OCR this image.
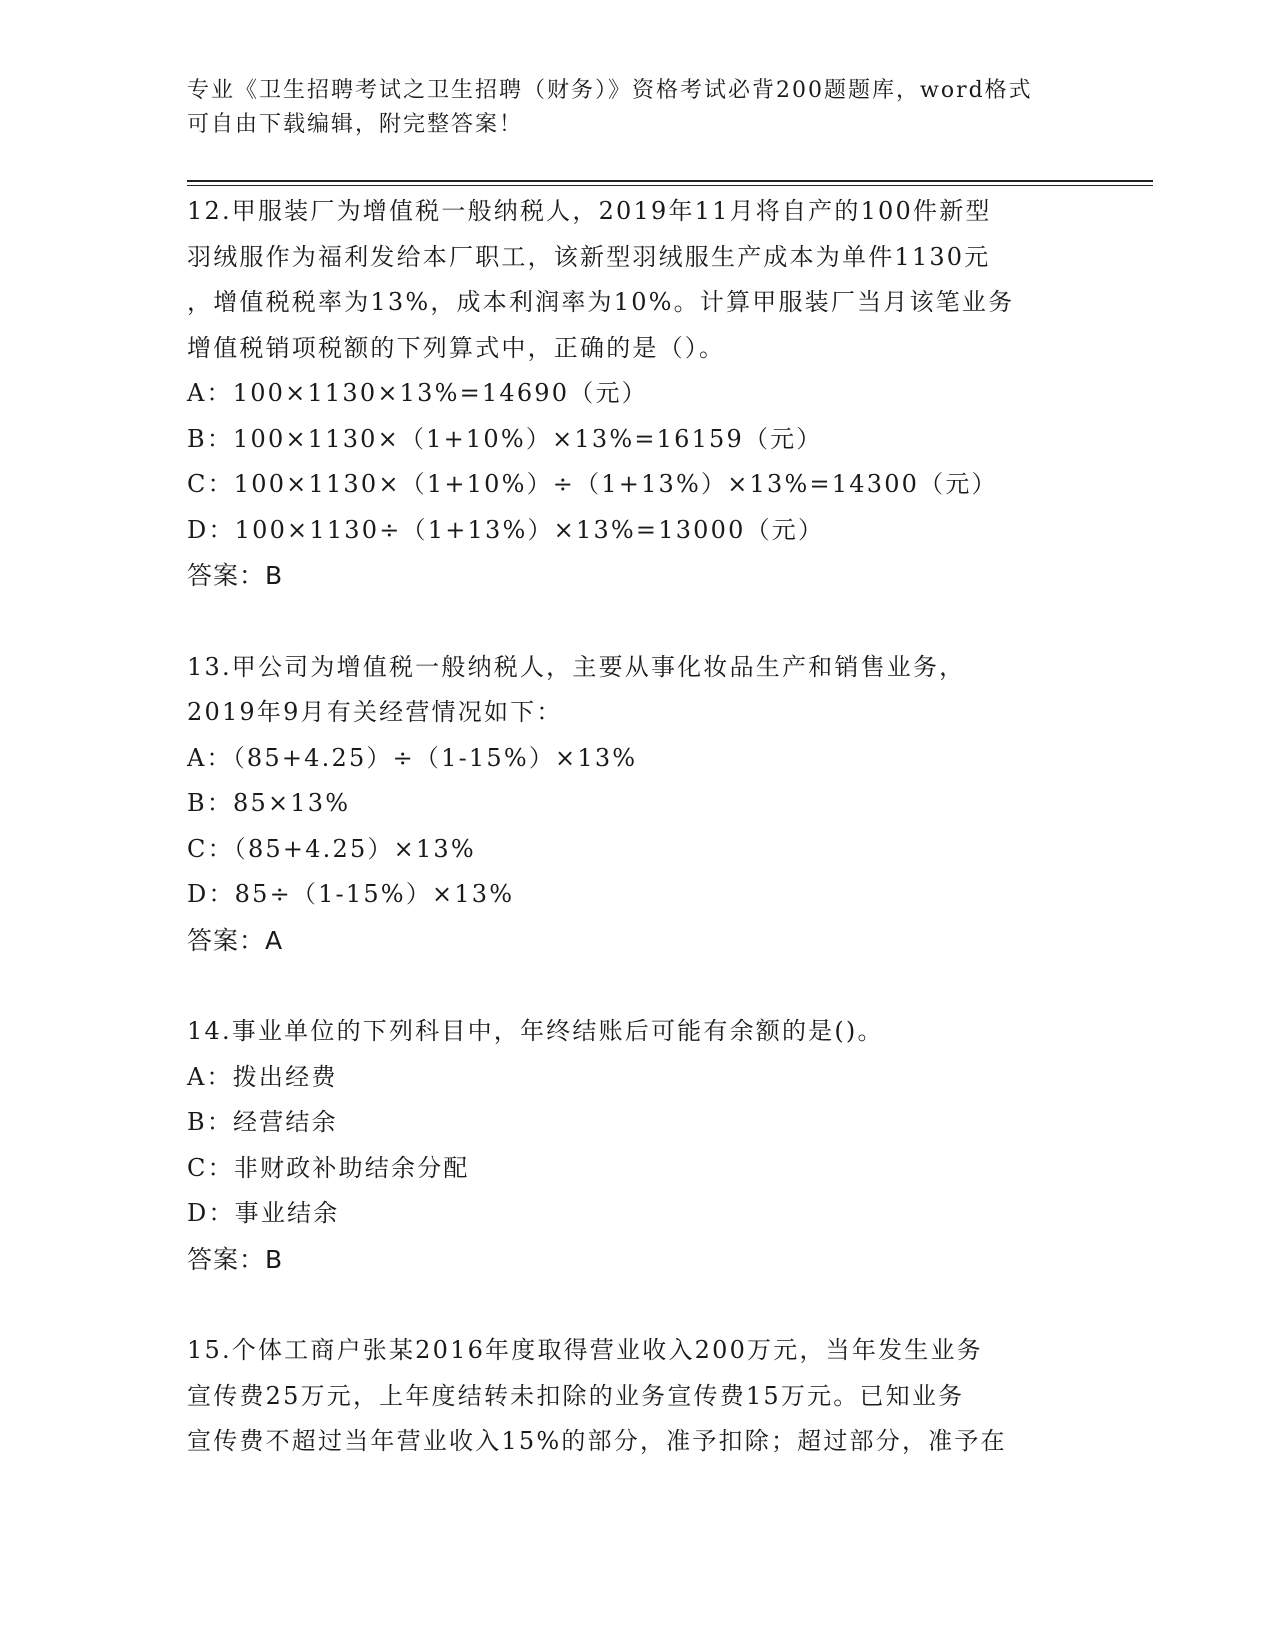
专业《卫生招聘考试之卫生招聘（财务）》资格考试必背200题题库，word格式
可自由下载编辑，附完整答案！
12.甲服装厂为增值税一般纳税人，2019年11月将自产的100件新型
羽绒服作为福利发给本厂职工，该新型羽绒服生产成本为单件1130元
，增值税税率为13%，成本利润率为10%。计算甲服装厂当月该笔业务
增值税销项税额的下列算式中，正确的是（）。
A：100×1130×13%=14690（元）
B：100×1130×（1+10%）×13%=16159（元）
C：100×1130×（1+10%）÷（1+13%）×13%=14300（元）
D：100×1130÷（1+13%）×13%=13000（元）
答案：B
13.甲公司为增值税一般纳税人，主要从事化妆品生产和销售业务，
2019年9月有关经营情况如下：
A：（85+4.25）÷（1-15%）×13%
B：85×13%
C：（85+4.25）×13%
D：85÷（1-15%）×13%
答案：A
14.事业单位的下列科目中，年终结账后可能有余额的是()。
A：拨出经费
B：经营结余
C：非财政补助结余分配
D：事业结余
答案：B
15.个体工商户张某2016年度取得营业收入200万元，当年发生业务
宣传费25万元，上年度结转未扣除的业务宣传费15万元。已知业务
宣传费不超过当年营业收入15%的部分，准予扣除；超过部分，准予在
